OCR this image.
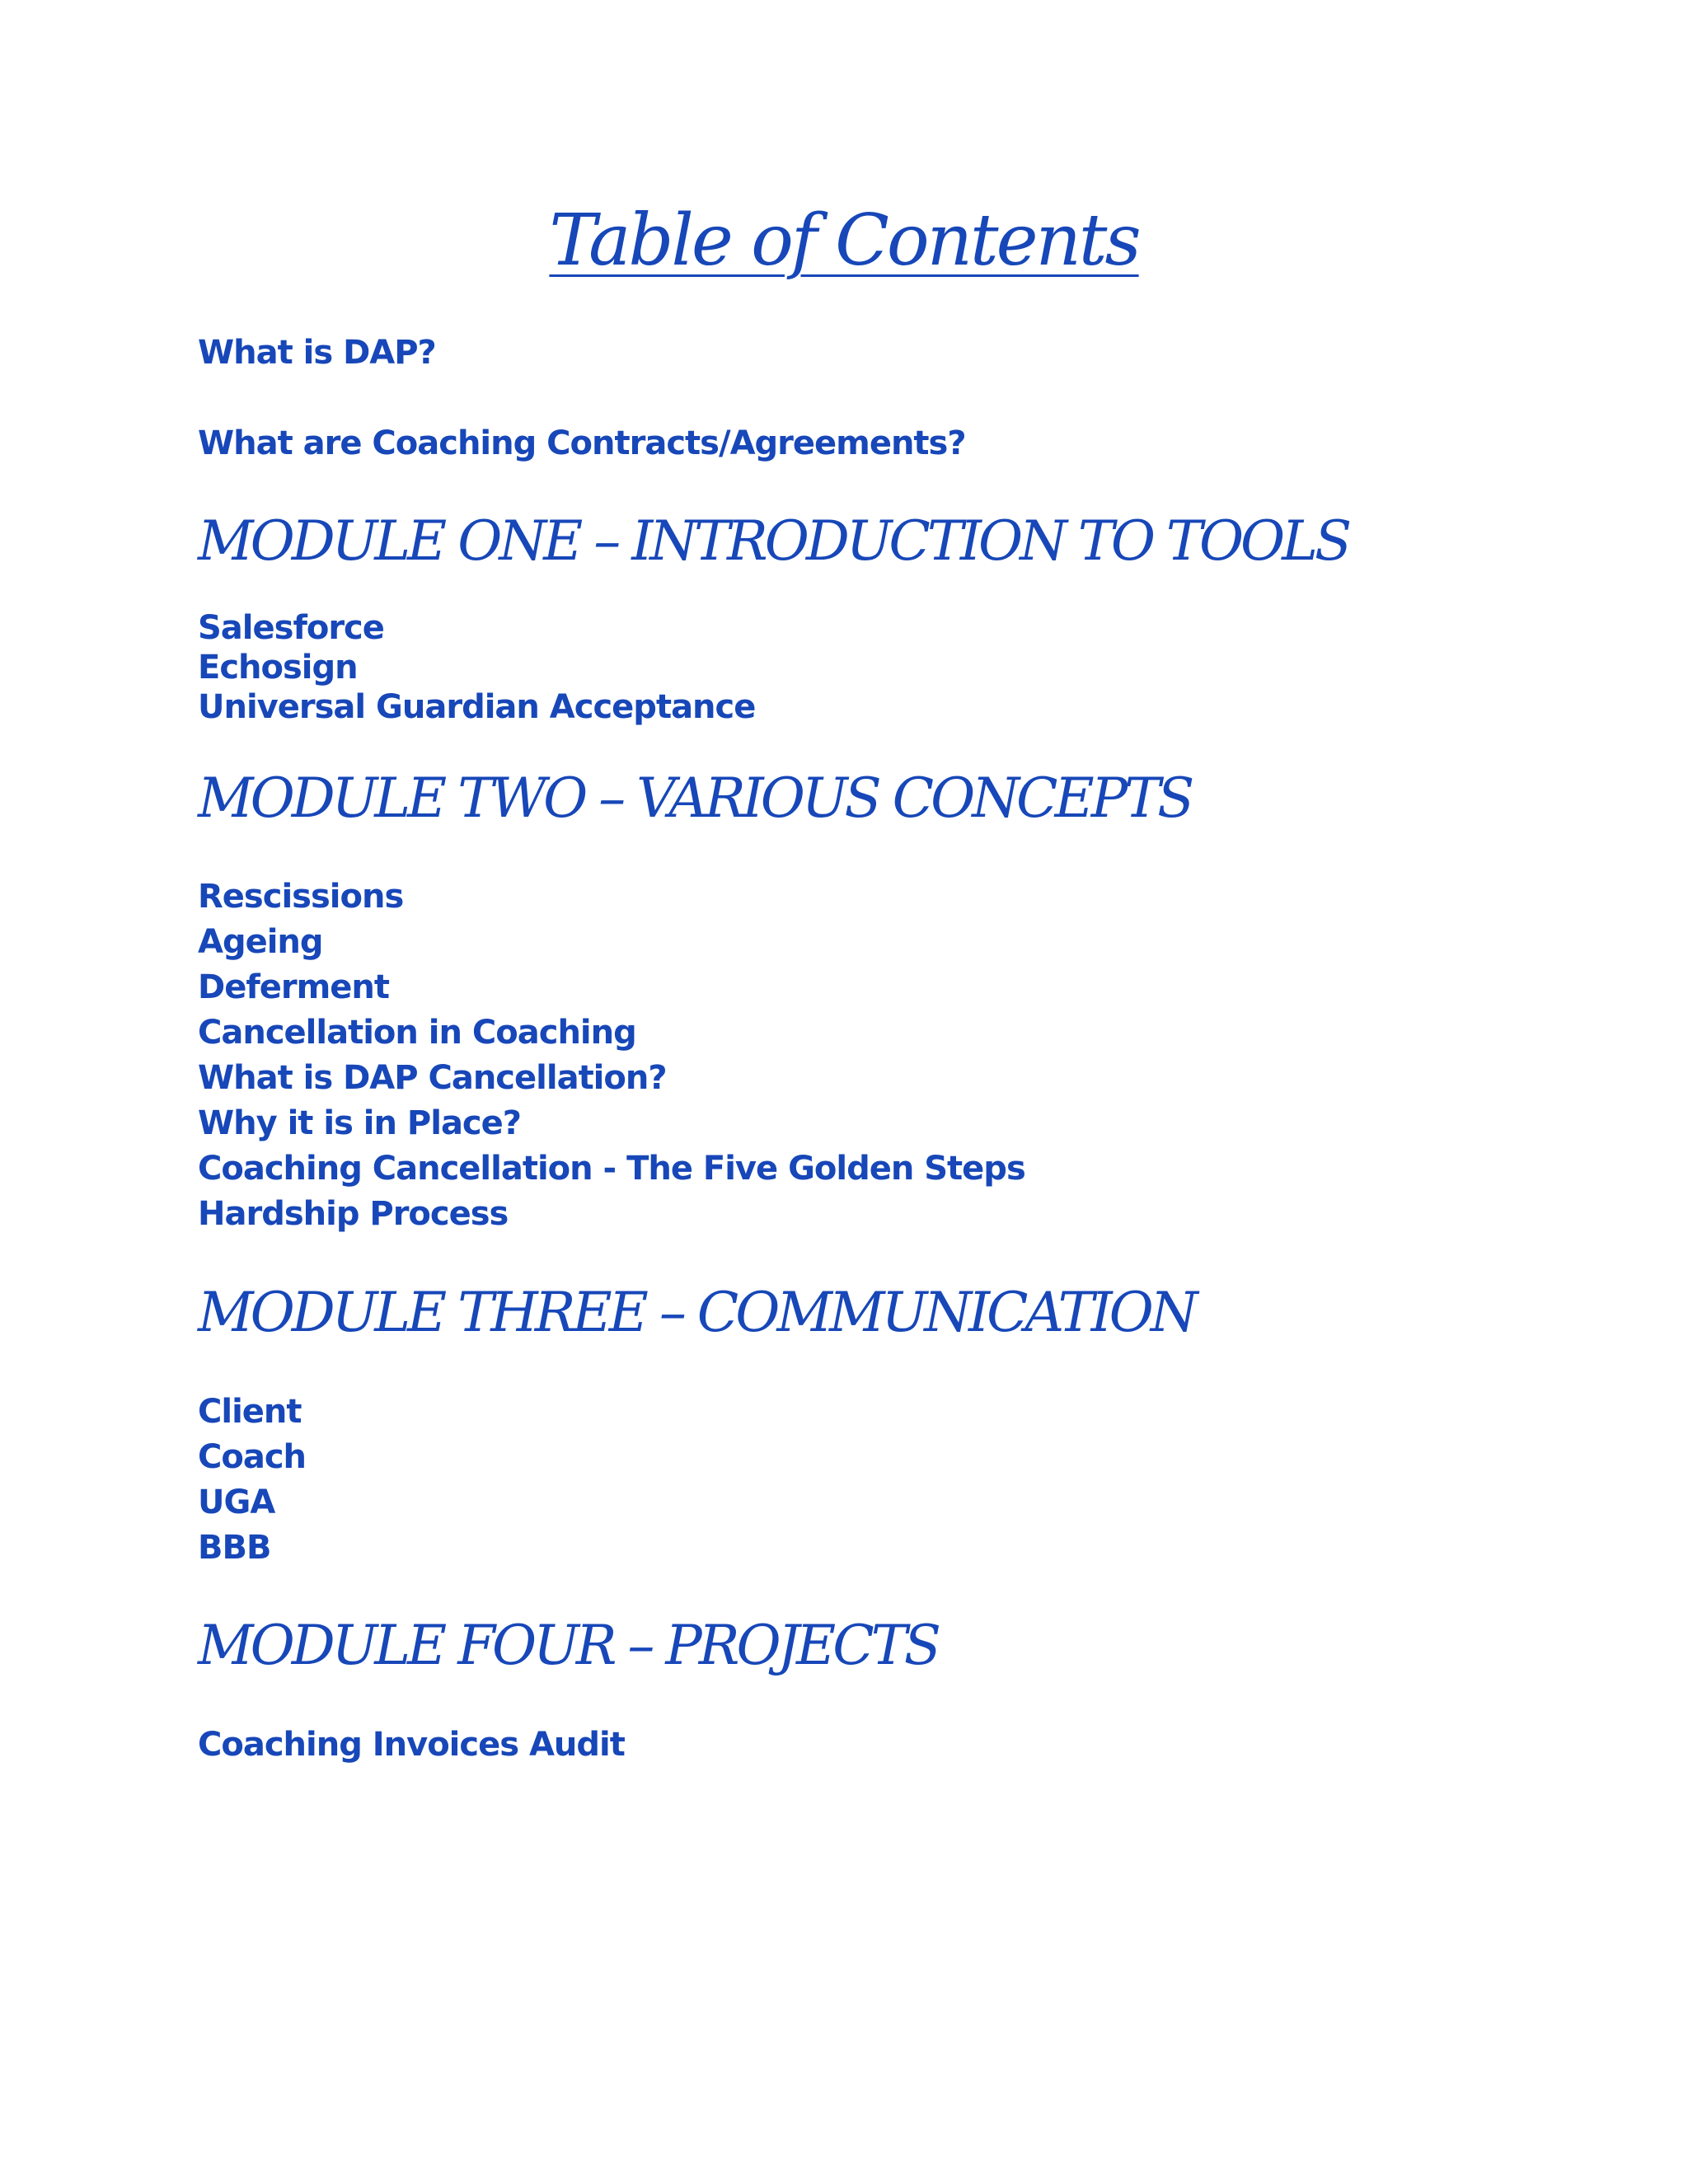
Table of Contents
What is DAP?
What are Coaching Contracts/Agreements?
MODULE ONE – INTRODUCTION TO TOOLS
Salesforce
Echosign
Universal Guardian Acceptance
MODULE TWO – VARIOUS CONCEPTS
Rescissions
Ageing
Deferment
Cancellation in Coaching
What is DAP Cancellation?
Why it is in Place?
Coaching Cancellation - The Five Golden Steps
Hardship Process
MODULE THREE – COMMUNICATION
Client
Coach
UGA
BBB
MODULE FOUR – PROJECTS
Coaching Invoices Audit
